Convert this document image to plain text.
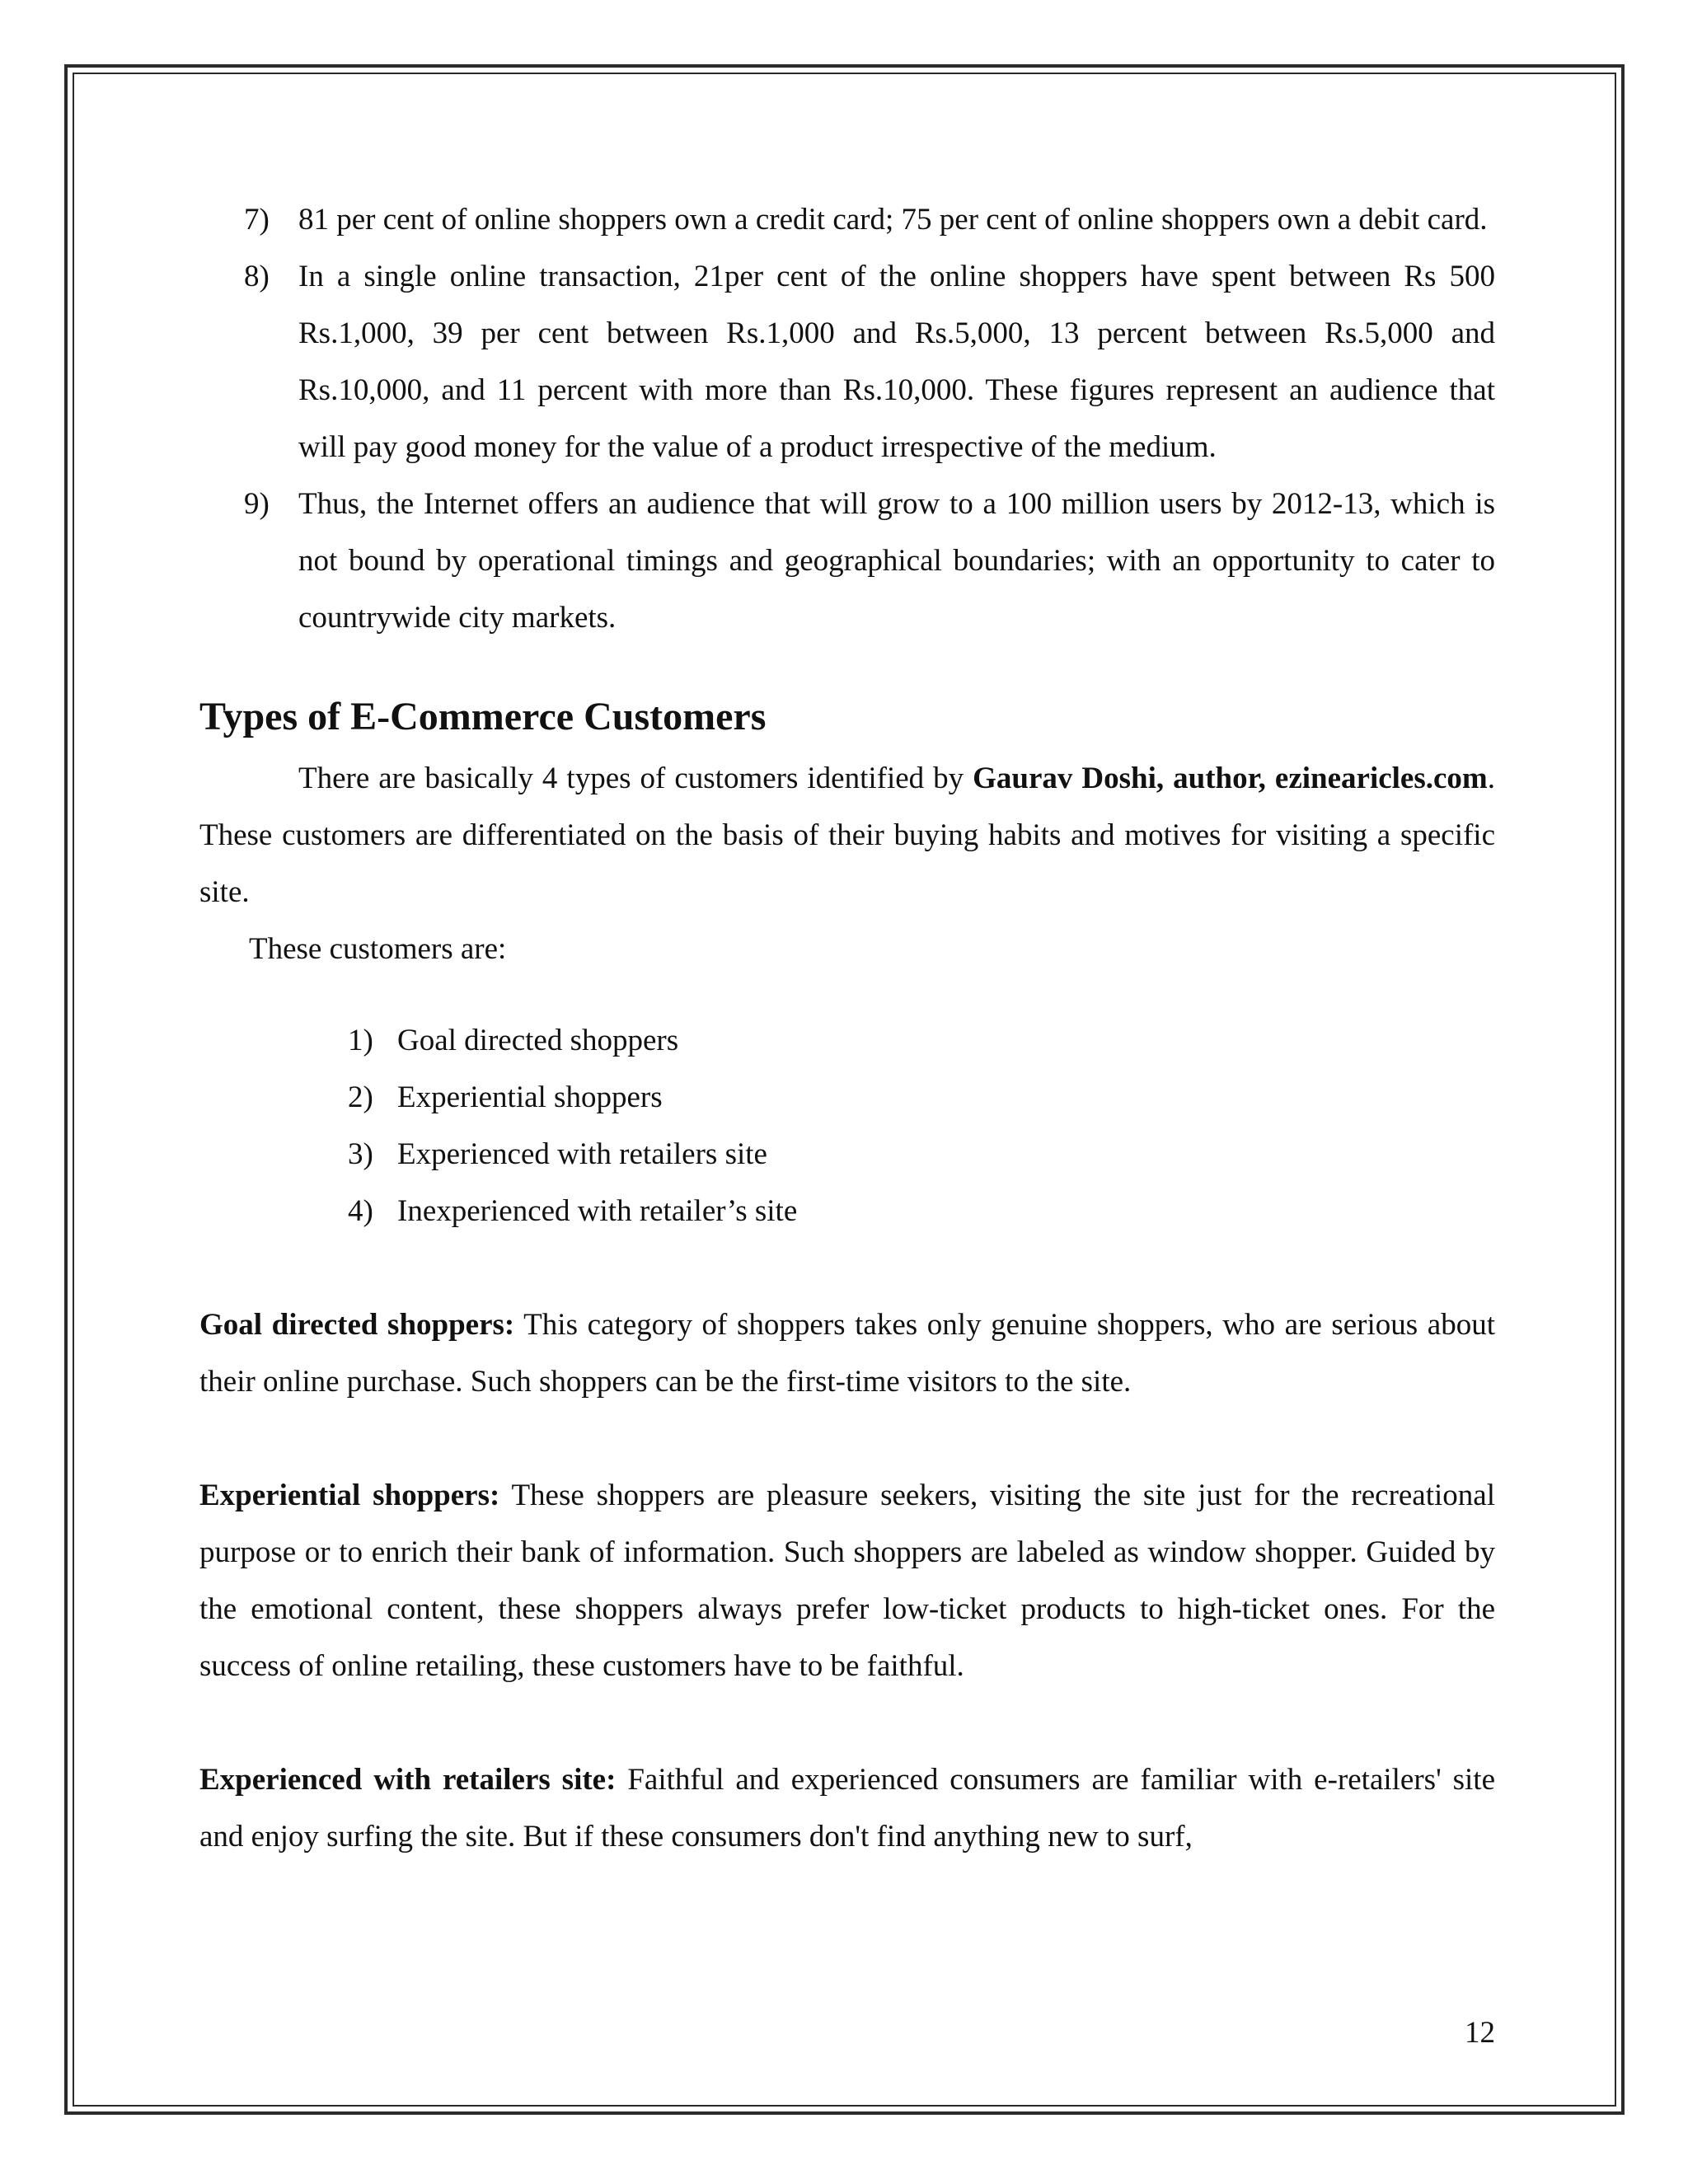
7) 81 per cent of online shoppers own a credit card; 75 per cent of online shoppers own a debit card.
8) In a single online transaction, 21per cent of the online shoppers have spent between Rs 500 Rs.1,000, 39 per cent between Rs.1,000 and Rs.5,000, 13 percent between Rs.5,000 and Rs.10,000, and 11 percent with more than Rs.10,000. These figures represent an audience that will pay good money for the value of a product irrespective of the medium.
9) Thus, the Internet offers an audience that will grow to a 100 million users by 2012-13, which is not bound by operational timings and geographical boundaries; with an opportunity to cater to countrywide city markets.
Types of E-Commerce Customers

There are basically 4 types of customers identified by Gaurav Doshi, author, ezinearicles.com. These customers are differentiated on the basis of their buying habits and motives for visiting a specific site.

These customers are:

1) Goal directed shoppers
2) Experiential shoppers
3) Experienced with retailers site
4) Inexperienced with retailer’s site

Goal directed shoppers: This category of shoppers takes only genuine shoppers, who are serious about their online purchase. Such shoppers can be the first-time visitors to the site.

Experiential shoppers: These shoppers are pleasure seekers, visiting the site just for the recreational purpose or to enrich their bank of information. Such shoppers are labeled as window shopper. Guided by the emotional content, these shoppers always prefer low-ticket products to high-ticket ones. For the success of online retailing, these customers have to be faithful.

Experienced with retailers site: Faithful and experienced consumers are familiar with e-retailers' site and enjoy surfing the site. But if these consumers don't find anything new to surf,

12
